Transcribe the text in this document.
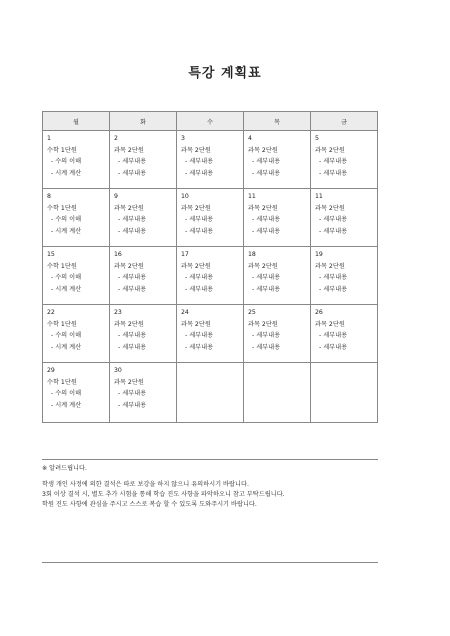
특강 계획표
월	화	수	목	금

1
수학 1단원
- 수의 이해
- 시계 계산	2
과목 2단원
- 세부내용
- 세부내용	3
과목 2단원
- 세부내용
- 세부내용	4
과목 2단원
- 세부내용
- 세부내용	5
과목 2단원
- 세부내용
- 세부내용

8
수학 1단원
- 수의 이해
- 시계 계산	9
과목 2단원
- 세부내용
- 세부내용	10
과목 2단원
- 세부내용
- 세부내용	11
과목 2단원
- 세부내용
- 세부내용	11
과목 2단원
- 세부내용
- 세부내용

15
수학 1단원
- 수의 이해
- 시계 계산	16
과목 2단원
- 세부내용
- 세부내용	17
과목 2단원
- 세부내용
- 세부내용	18
과목 2단원
- 세부내용
- 세부내용	19
과목 2단원
- 세부내용
- 세부내용

22
수학 1단원
- 수의 이해
- 시계 계산	23
과목 2단원
- 세부내용
- 세부내용	24
과목 2단원
- 세부내용
- 세부내용	25
과목 2단원
- 세부내용
- 세부내용	26
과목 2단원
- 세부내용
- 세부내용

29
수학 1단원
- 수의 이해
- 시계 계산	30
과목 2단원
- 세부내용
- 세부내용			

※ 알려드립니다.
학생 개인 사정에 의한 결석은 따로 보강을 하지 않으니 유의하시기 바랍니다.
3회 이상 결석 시, 별도 추가 시험을 통해 학습 진도 사항을 파악하오니 참고 부탁드립니다.
학원 진도 사항에 관심을 주시고 스스로 복습 할 수 있도록 도와주시기 바랍니다.
